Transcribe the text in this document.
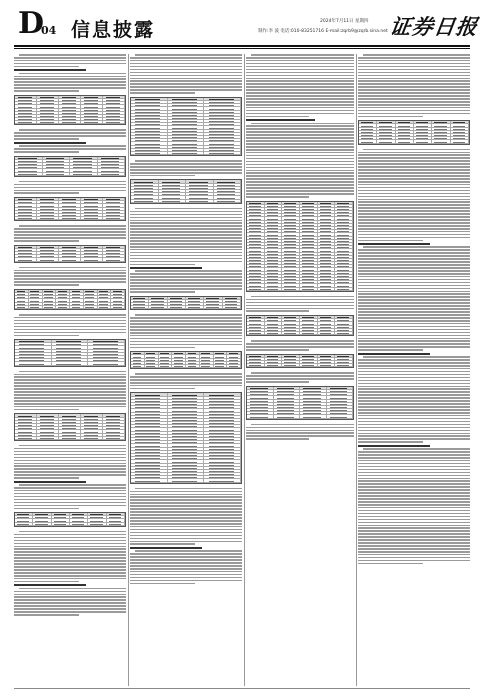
D
04 信息披露	2024年7月11日 星期四
制作:李 波 电话:010-83251716 E-mail:zqrb9@zqrb.sina.net 证券日报
